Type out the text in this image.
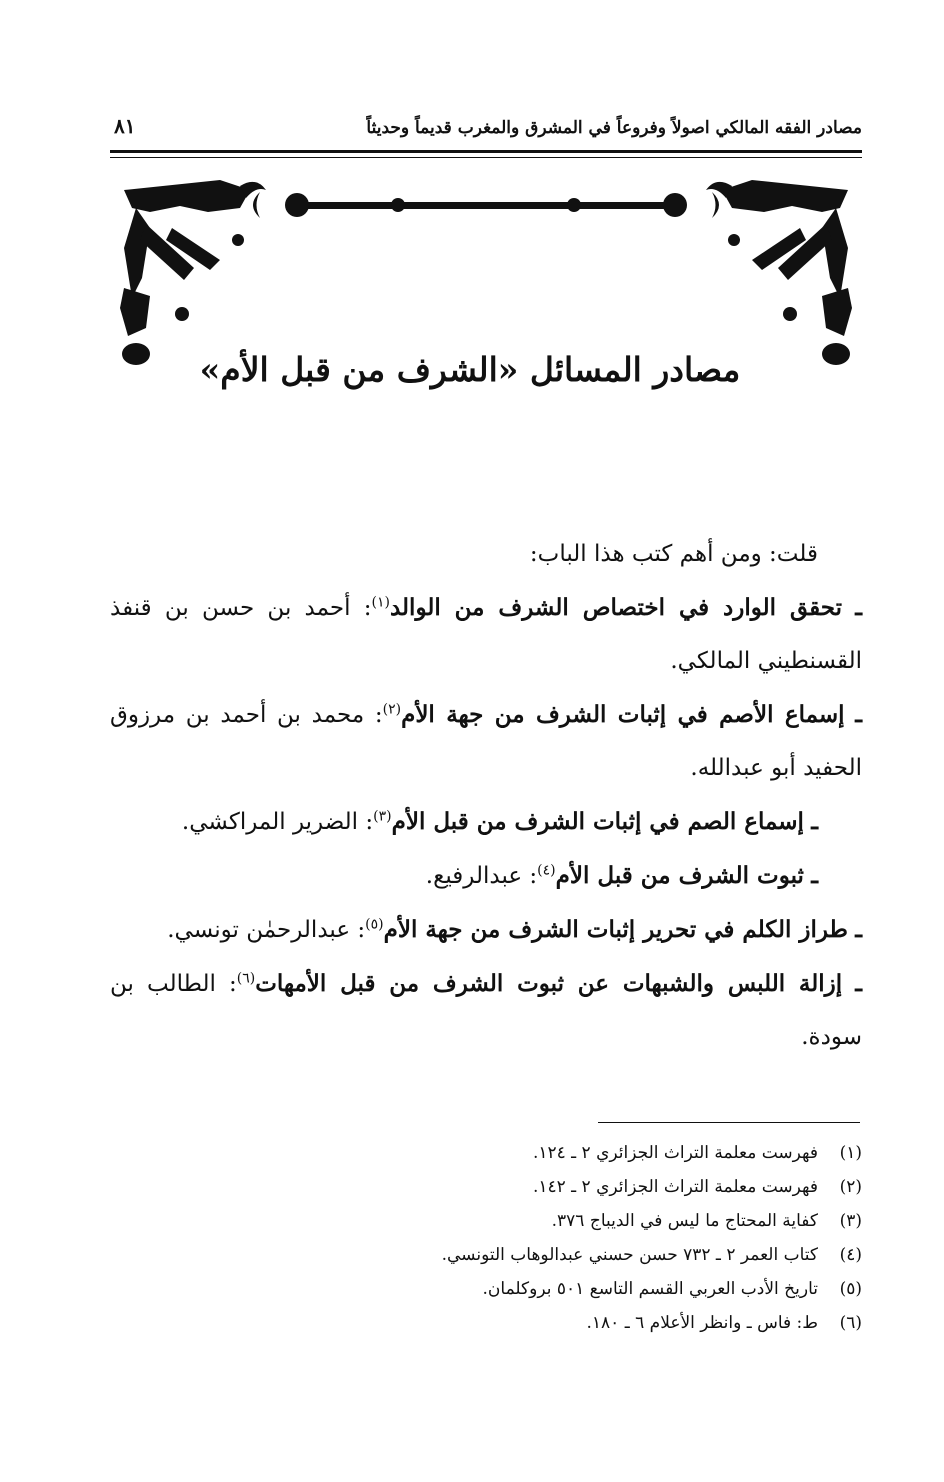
مصادر الفقه المالكي اصولاً وفروعاً في المشرق والمغرب قديماً وحديثاً
٨١
مصادر المسائل «الشرف من قبل الأم»

قلت: ومن أهم كتب هذا الباب:

ـ تحقق الوارد في اختصاص الشرف من الوالد$^{(١)}$: أحمد بن حسن بن قنفذ القسنطيني المالكي.

ـ إسماع الأصم في إثبات الشرف من جهة الأم$^{(٢)}$: محمد بن أحمد بن مرزوق الحفيد أبو عبدالله.

ـ إسماع الصم في إثبات الشرف من قبل الأم$^{(٣)}$: الضرير المراكشي.

ـ ثبوت الشرف من قبل الأم$^{(٤)}$: عبدالرفيع.

ـ طراز الكلم في تحرير إثبات الشرف من جهة الأم$^{(٥)}$: عبدالرحمٰن تونسي.

ـ إزالة اللبس والشبهات عن ثبوت الشرف من قبل الأمهات$^{(٦)}$: الطالب بن سودة.

(١)
فهرست معلمة التراث الجزائري ٢ ـ ١٢٤.
(٢)
فهرست معلمة التراث الجزائري ٢ ـ ١٤٢.
(٣)
كفاية المحتاج ما ليس في الديباج ٣٧٦.
(٤)
كتاب العمر ٢ ـ ٧٣٢ حسن حسني عبدالوهاب التونسي.
(٥)
تاريخ الأدب العربي القسم التاسع ٥٠١ بروكلمان.
(٦)
ط: فاس ـ وانظر الأعلام ٦ ـ ١٨٠.
